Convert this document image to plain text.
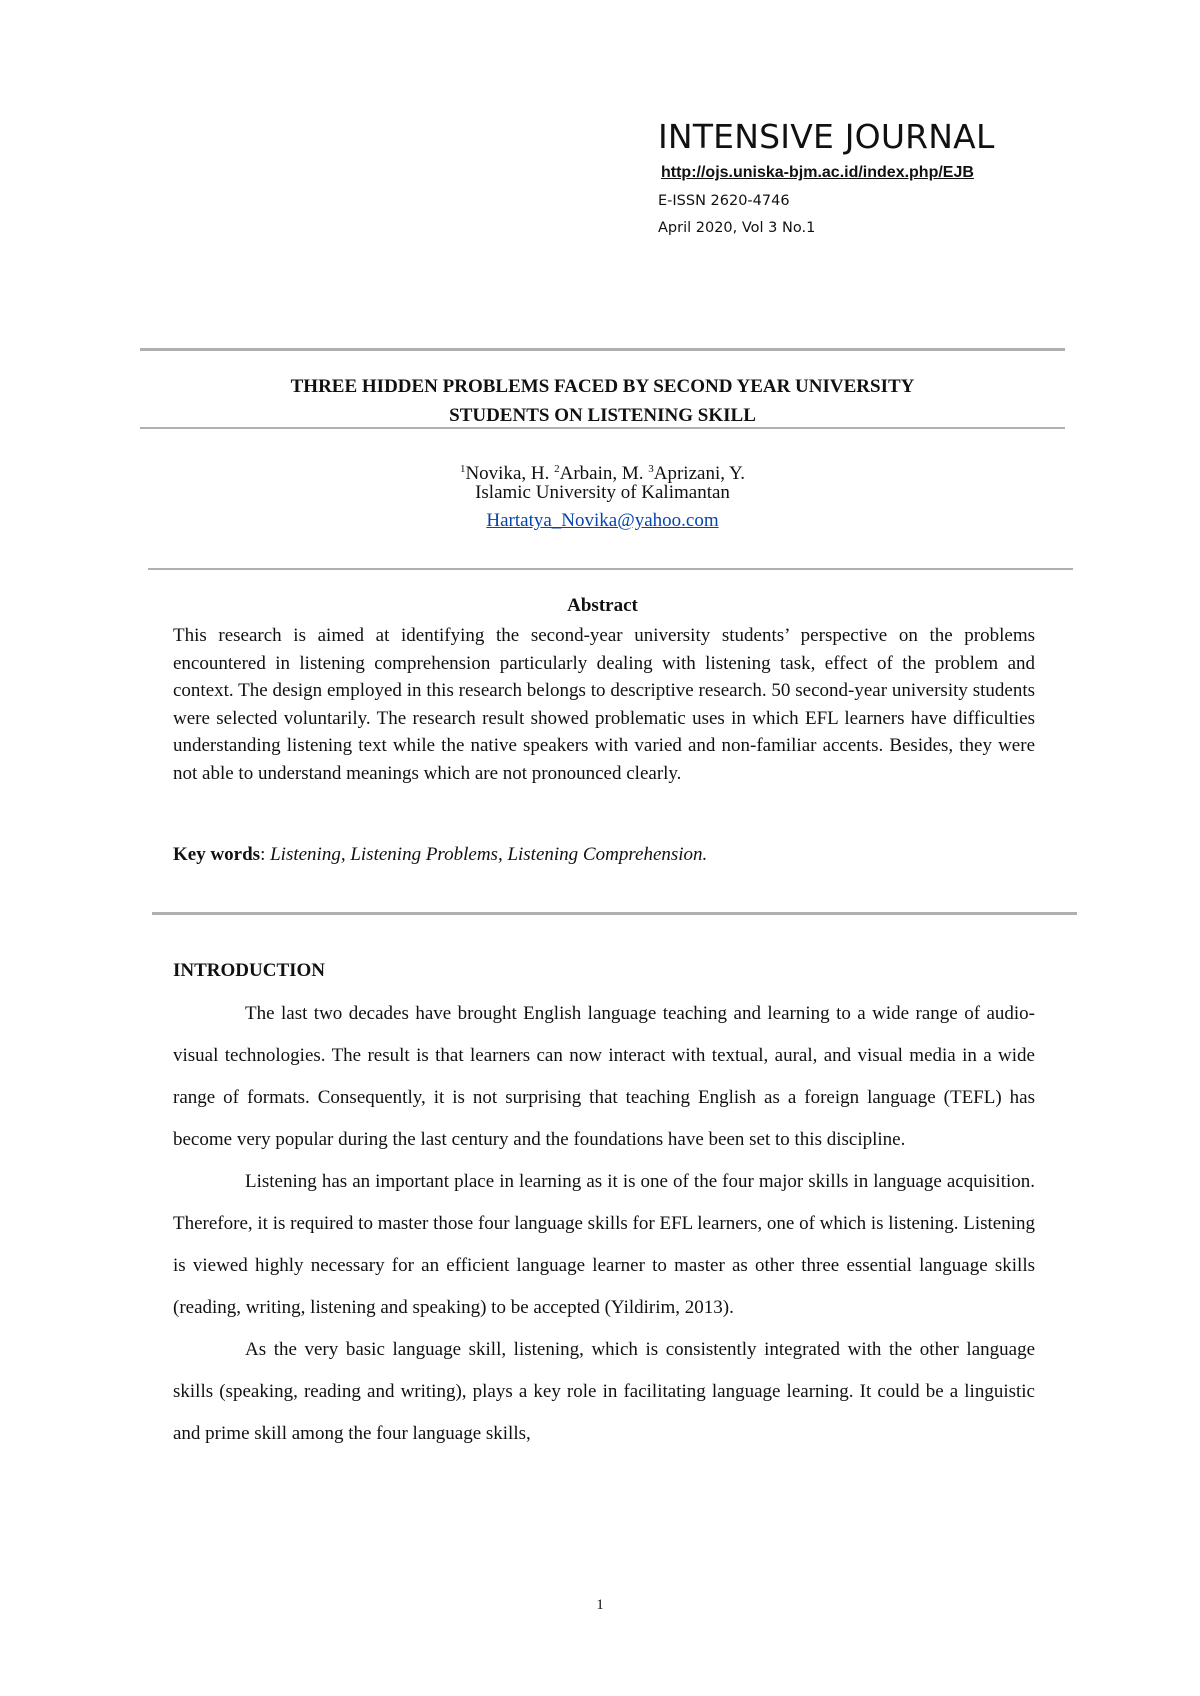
INTENSIVE JOURNAL
http://ojs.uniska-bjm.ac.id/index.php/EJB
E-ISSN 2620-4746
April 2020, Vol 3 No.1
THREE HIDDEN PROBLEMS FACED BY SECOND YEAR UNIVERSITY
STUDENTS ON LISTENING SKILL
$^1$Novika, H. $^2$Arbain, M. $^3$Aprizani, Y.
Islamic University of Kalimantan
Hartatya_Novika@yahoo.com
Abstract
This research is aimed at identifying the second-year university students’ perspective on the problems encountered in listening comprehension particularly dealing with listening task, effect of the problem and context. The design employed in this research belongs to descriptive research. 50 second-year university students were selected voluntarily. The research result showed problematic uses in which EFL learners have difficulties understanding listening text while the native speakers with varied and non-familiar accents. Besides, they were not able to understand meanings which are not pronounced clearly.
Key words: Listening, Listening Problems, Listening Comprehension.
INTRODUCTION

The last two decades have brought English language teaching and learning to a wide range of audio-visual technologies. The result is that learners can now interact with textual, aural, and visual media in a wide range of formats. Consequently, it is not surprising that teaching English as a foreign language (TEFL) has become very popular during the last century and the foundations have been set to this discipline.

Listening has an important place in learning as it is one of the four major skills in language acquisition. Therefore, it is required to master those four language skills for EFL learners, one of which is listening. Listening is viewed highly necessary for an efficient language learner to master as other three essential language skills (reading, writing, listening and speaking) to be accepted (Yildirim, 2013).

As the very basic language skill, listening, which is consistently integrated with the other language skills (speaking, reading and writing), plays a key role in facilitating language learning. It could be a linguistic and prime skill among the four language skills,

1
